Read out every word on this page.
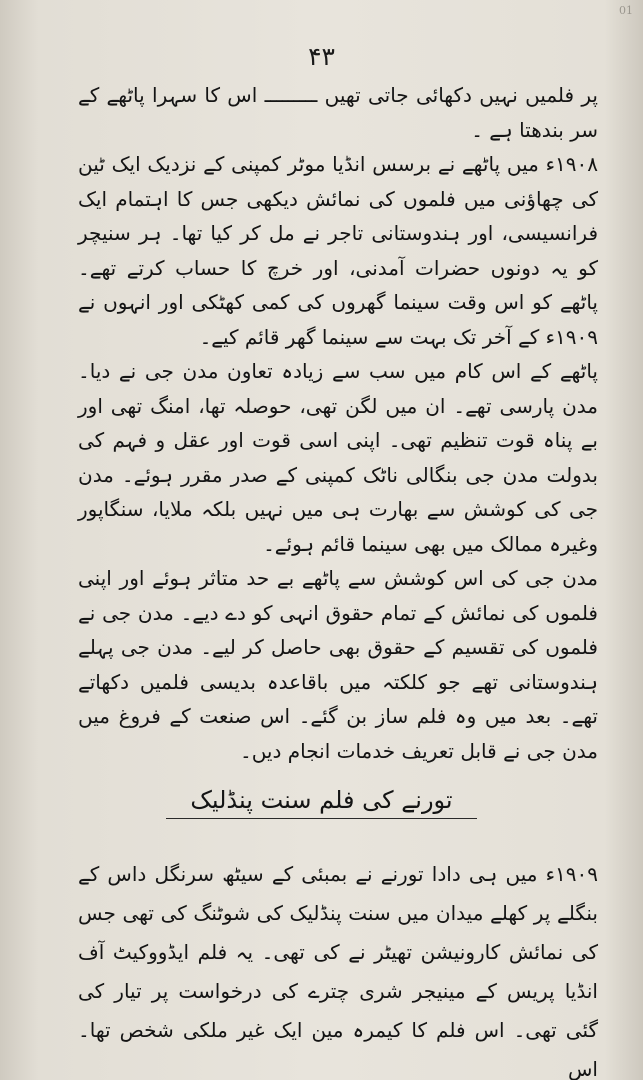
01
۴۳

پر فلمیں نہیں دکھائی جاتی تھیں ـــــــــ اس کا سہرا پاٹھے کے سر بندھتا ہے ۔

۱۹۰۸ء میں پاٹھے نے برسس انڈیا موٹر کمپنی کے نزدیک ایک ٹین کی چھاؤنی میں فلموں کی نمائش دیکھی جس کا اہتمام ایک فرانسیسی، اور ہندوستانی تاجر نے مل کر کیا تھا۔ ہر سنیچر کو یہ دونوں حضرات آمدنی، اور خرچ کا حساب کرتے تھے۔ پاٹھے کو اس وقت سینما گھروں کی کمی کھٹکی اور انہوں نے ۱۹۰۹ء کے آخر تک بہت سے سینما گھر قائم کیے۔

پاٹھے کے اس کام میں سب سے زیادہ تعاون مدن جی نے دیا۔ مدن پارسی تھے۔ ان میں لگن تھی، حوصلہ تھا، امنگ تھی اور بے پناہ قوت تنظیم تھی۔ اپنی اسی قوت اور عقل و فہم کی بدولت مدن جی بنگالی ناٹک کمپنی کے صدر مقرر ہوئے۔ مدن جی کی کوشش سے بھارت ہی میں نہیں بلکہ ملایا، سنگاپور وغیرہ ممالک میں بھی سینما قائم ہوئے۔

مدن جی کی اس کوشش سے پاٹھے بے حد متاثر ہوئے اور اپنی فلموں کی نمائش کے تمام حقوق انہی کو دے دیے۔ مدن جی نے فلموں کی تقسیم کے حقوق بھی حاصل کر لیے۔ مدن جی پہلے ہندوستانی تھے جو کلکتہ میں باقاعدہ بدیسی فلمیں دکھاتے تھے۔ بعد میں وہ فلم ساز بن گئے۔ اس صنعت کے فروغ میں مدن جی نے قابل تعریف خدمات انجام دیں۔

تورنے کی فلم سنت پنڈلیک

۱۹۰۹ء میں ہی دادا تورنے نے بمبئی کے سیٹھ سرنگل داس کے بنگلے پر کھلے میدان میں سنت پنڈلیک کی شوٹنگ کی تھی جس کی نمائش کارونیشن تھیٹر نے کی تھی۔ یہ فلم ایڈووکیٹ آف انڈیا پریس کے مینیجر شری چترے کی درخواست پر تیار کی گئی تھی۔ اس فلم کا کیمرہ مین ایک غیر ملکی شخص تھا۔ اس
